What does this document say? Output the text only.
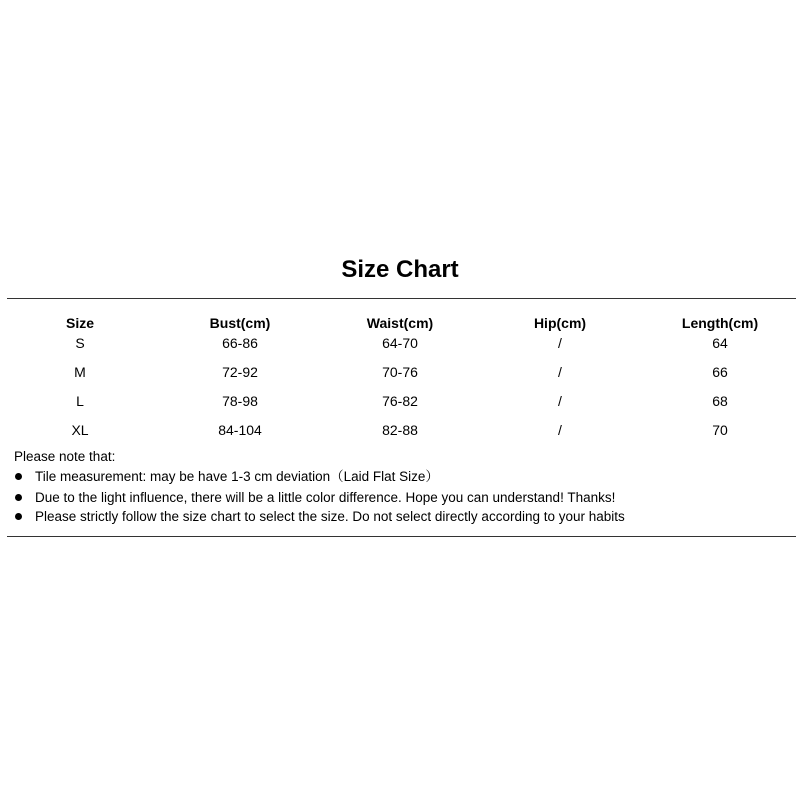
Size Chart
Size	Bust(cm)	Waist(cm)	Hip(cm)	Length(cm)
S	66-86	64-70	/	64
M	72-92	70-76	/	66
L	78-98	76-82	/	68
XL	84-104	82-88	/	70
Please note that:
Tile measurement: may be have 1-3 cm deviation（Laid Flat Size）
Due to the light influence, there will be a little color difference. Hope you can understand! Thanks!
Please strictly follow the size chart to select the size. Do not select directly according to your habits
